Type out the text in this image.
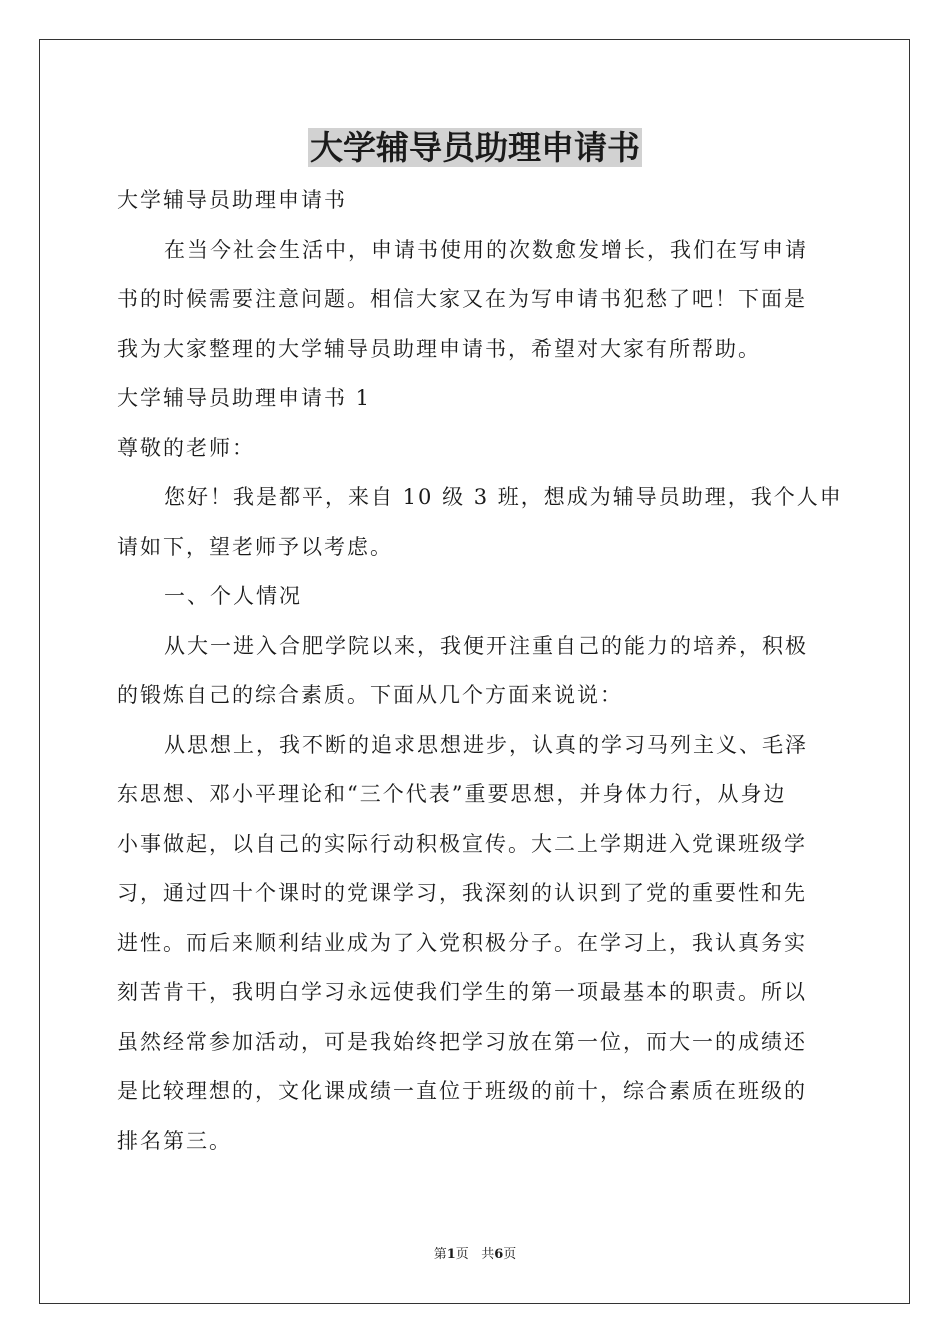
大学辅导员助理申请书

大学辅导员助理申请书

在当今社会生活中，申请书使用的次数愈发增长，我们在写申请

书的时候需要注意问题。相信大家又在为写申请书犯愁了吧！下面是

我为大家整理的大学辅导员助理申请书，希望对大家有所帮助。

大学辅导员助理申请书 1

尊敬的老师：

您好！我是都平，来自 10 级 3 班，想成为辅导员助理，我个人申

请如下，望老师予以考虑。

一、个人情况

从大一进入合肥学院以来，我便开注重自己的能力的培养，积极

的锻炼自己的综合素质。下面从几个方面来说说：

从思想上，我不断的追求思想进步，认真的学习马列主义、毛泽

东思想、邓小平理论和“三个代表”重要思想，并身体力行，从身边

小事做起，以自己的实际行动积极宣传。大二上学期进入党课班级学

习，通过四十个课时的党课学习，我深刻的认识到了党的重要性和先

进性。而后来顺利结业成为了入党积极分子。在学习上，我认真务实

刻苦肯干，我明白学习永远使我们学生的第一项最基本的职责。所以

虽然经常参加活动，可是我始终把学习放在第一位，而大一的成绩还

是比较理想的，文化课成绩一直位于班级的前十，综合素质在班级的

排名第三。

第1页 共6页
